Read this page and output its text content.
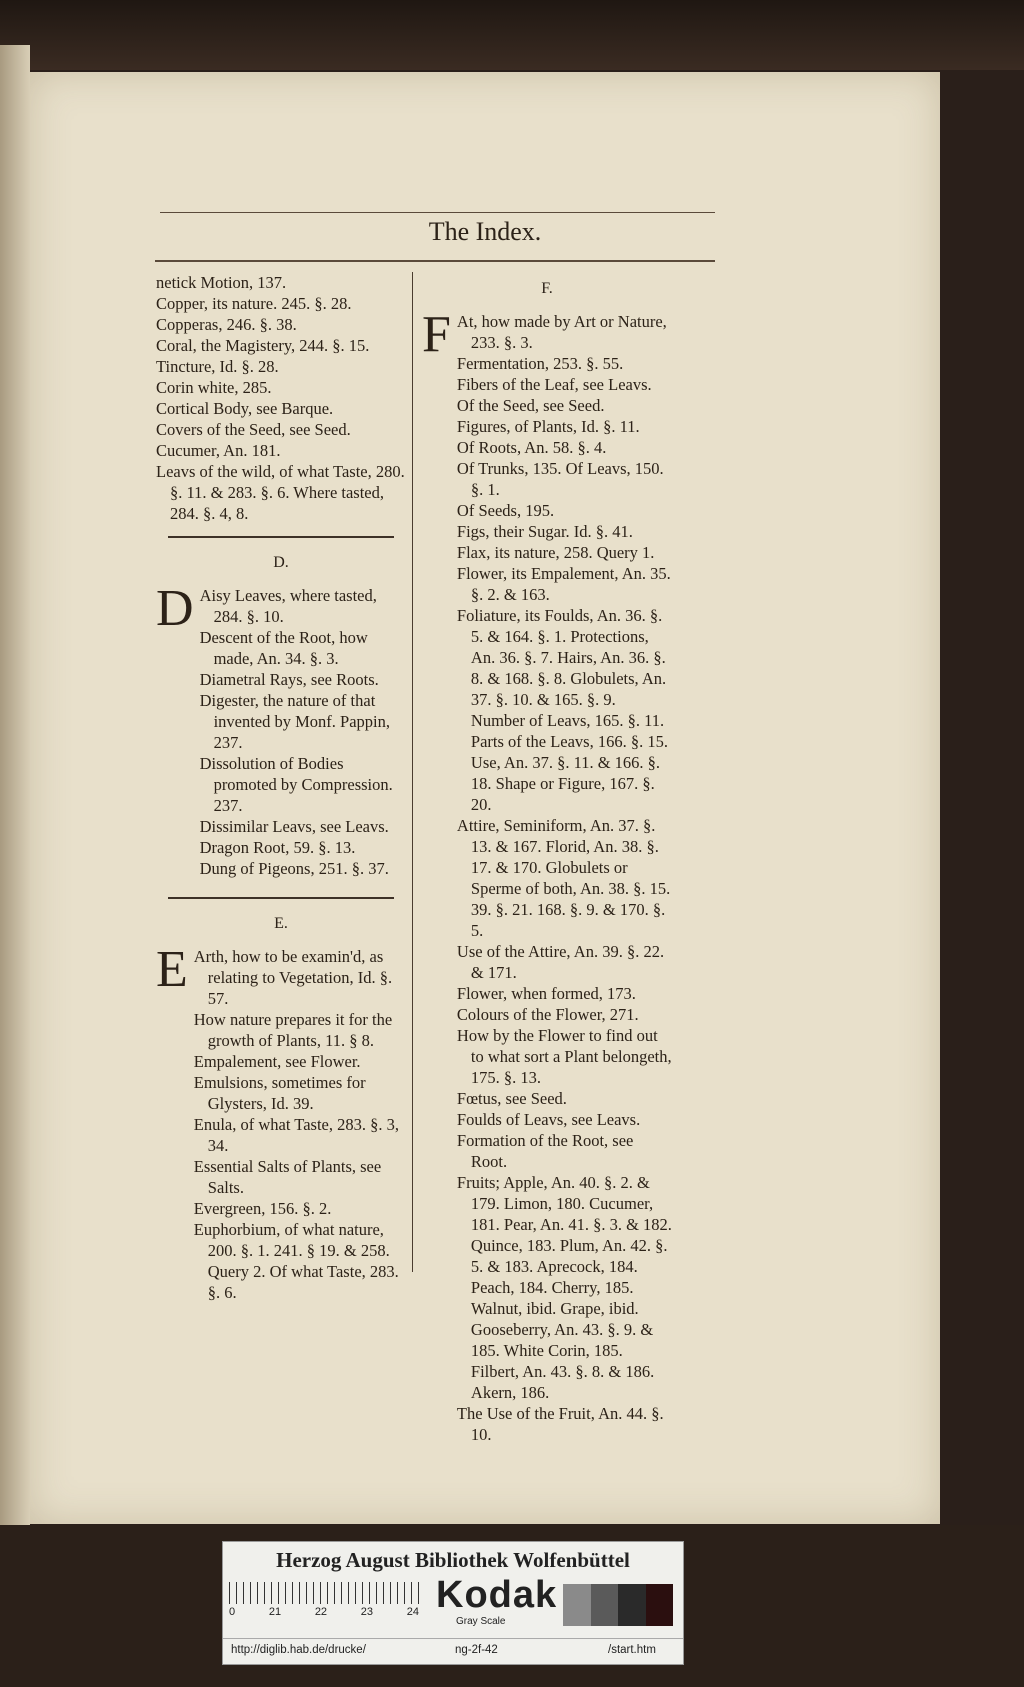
The Index.

netick Motion, 137.

Copper, its nature. 245. §. 28.

Copperas, 246. §. 38.

Coral, the Magistery, 244. §. 15.

Tincture, Id. §. 28.

Corin white, 285.

Cortical Body, see Barque.

Covers of the Seed, see Seed.

Cucumer, An. 181.

Leavs of the wild, of what Taste, 280. §. 11. & 283. §. 6. Where tasted, 284. §. 4, 8.

D.
D Aisy Leaves, where tasted, 284. §. 10.

Descent of the Root, how made, An. 34. §. 3.

Diametral Rays, see Roots.

Digester, the nature of that invented by Monf. Pappin, 237.

Dissolution of Bodies promoted by Compression. 237.

Dissimilar Leavs, see Leavs.

Dragon Root, 59. §. 13.

Dung of Pigeons, 251. §. 37.

E.
E Arth, how to be examin'd, as relating to Vegetation, Id. §. 57.

How nature prepares it for the growth of Plants, 11. § 8.

Empalement, see Flower.

Emulsions, sometimes for Glysters, Id. 39.

Enula, of what Taste, 283. §. 3, 34.

Essential Salts of Plants, see Salts.

Evergreen, 156. §. 2.

Euphorbium, of what nature, 200. §. 1. 241. § 19. & 258. Query 2. Of what Taste, 283. §. 6.

F.
F At, how made by Art or Nature, 233. §. 3.

Fermentation, 253. §. 55.

Fibers of the Leaf, see Leavs.

Of the Seed, see Seed.

Figures, of Plants, Id. §. 11.

Of Roots, An. 58. §. 4.

Of Trunks, 135. Of Leavs, 150. §. 1.

Of Seeds, 195.

Figs, their Sugar. Id. §. 41.

Flax, its nature, 258. Query 1.

Flower, its Empalement, An. 35. §. 2. & 163.

Foliature, its Foulds, An. 36. §. 5. & 164. §. 1. Protections, An. 36. §. 7. Hairs, An. 36. §. 8. & 168. §. 8. Globulets, An. 37. §. 10. & 165. §. 9. Number of Leavs, 165. §. 11. Parts of the Leavs, 166. §. 15. Use, An. 37. §. 11. & 166. §. 18. Shape or Figure, 167. §. 20.

Attire, Seminiform, An. 37. §. 13. & 167. Florid, An. 38. §. 17. & 170. Globulets or Sperme of both, An. 38. §. 15. 39. §. 21. 168. §. 9. & 170. §. 5.

Use of the Attire, An. 39. §. 22. & 171.

Flower, when formed, 173.

Colours of the Flower, 271.

How by the Flower to find out to what sort a Plant belongeth, 175. §. 13.

Fœtus, see Seed.

Foulds of Leavs, see Leavs.

Formation of the Root, see Root.

Fruits; Apple, An. 40. §. 2. & 179. Limon, 180. Cucumer, 181. Pear, An. 41. §. 3. & 182. Quince, 183. Plum, An. 42. §. 5. & 183. Aprecock, 184. Peach, 184. Cherry, 185. Walnut, ibid. Grape, ibid. Gooseberry, An. 43. §. 9. & 185. White Corin, 185. Filbert, An. 43. §. 8. & 186. Akern, 186.

The Use of the Fruit, An. 44. §. 10.

Herzog August Bibliothek Wolfenbüttel
0	21	22	23	24 Kodak
Gray Scale
http://diglib.hab.de/drucke/	ng-2f-42	/start.htm
